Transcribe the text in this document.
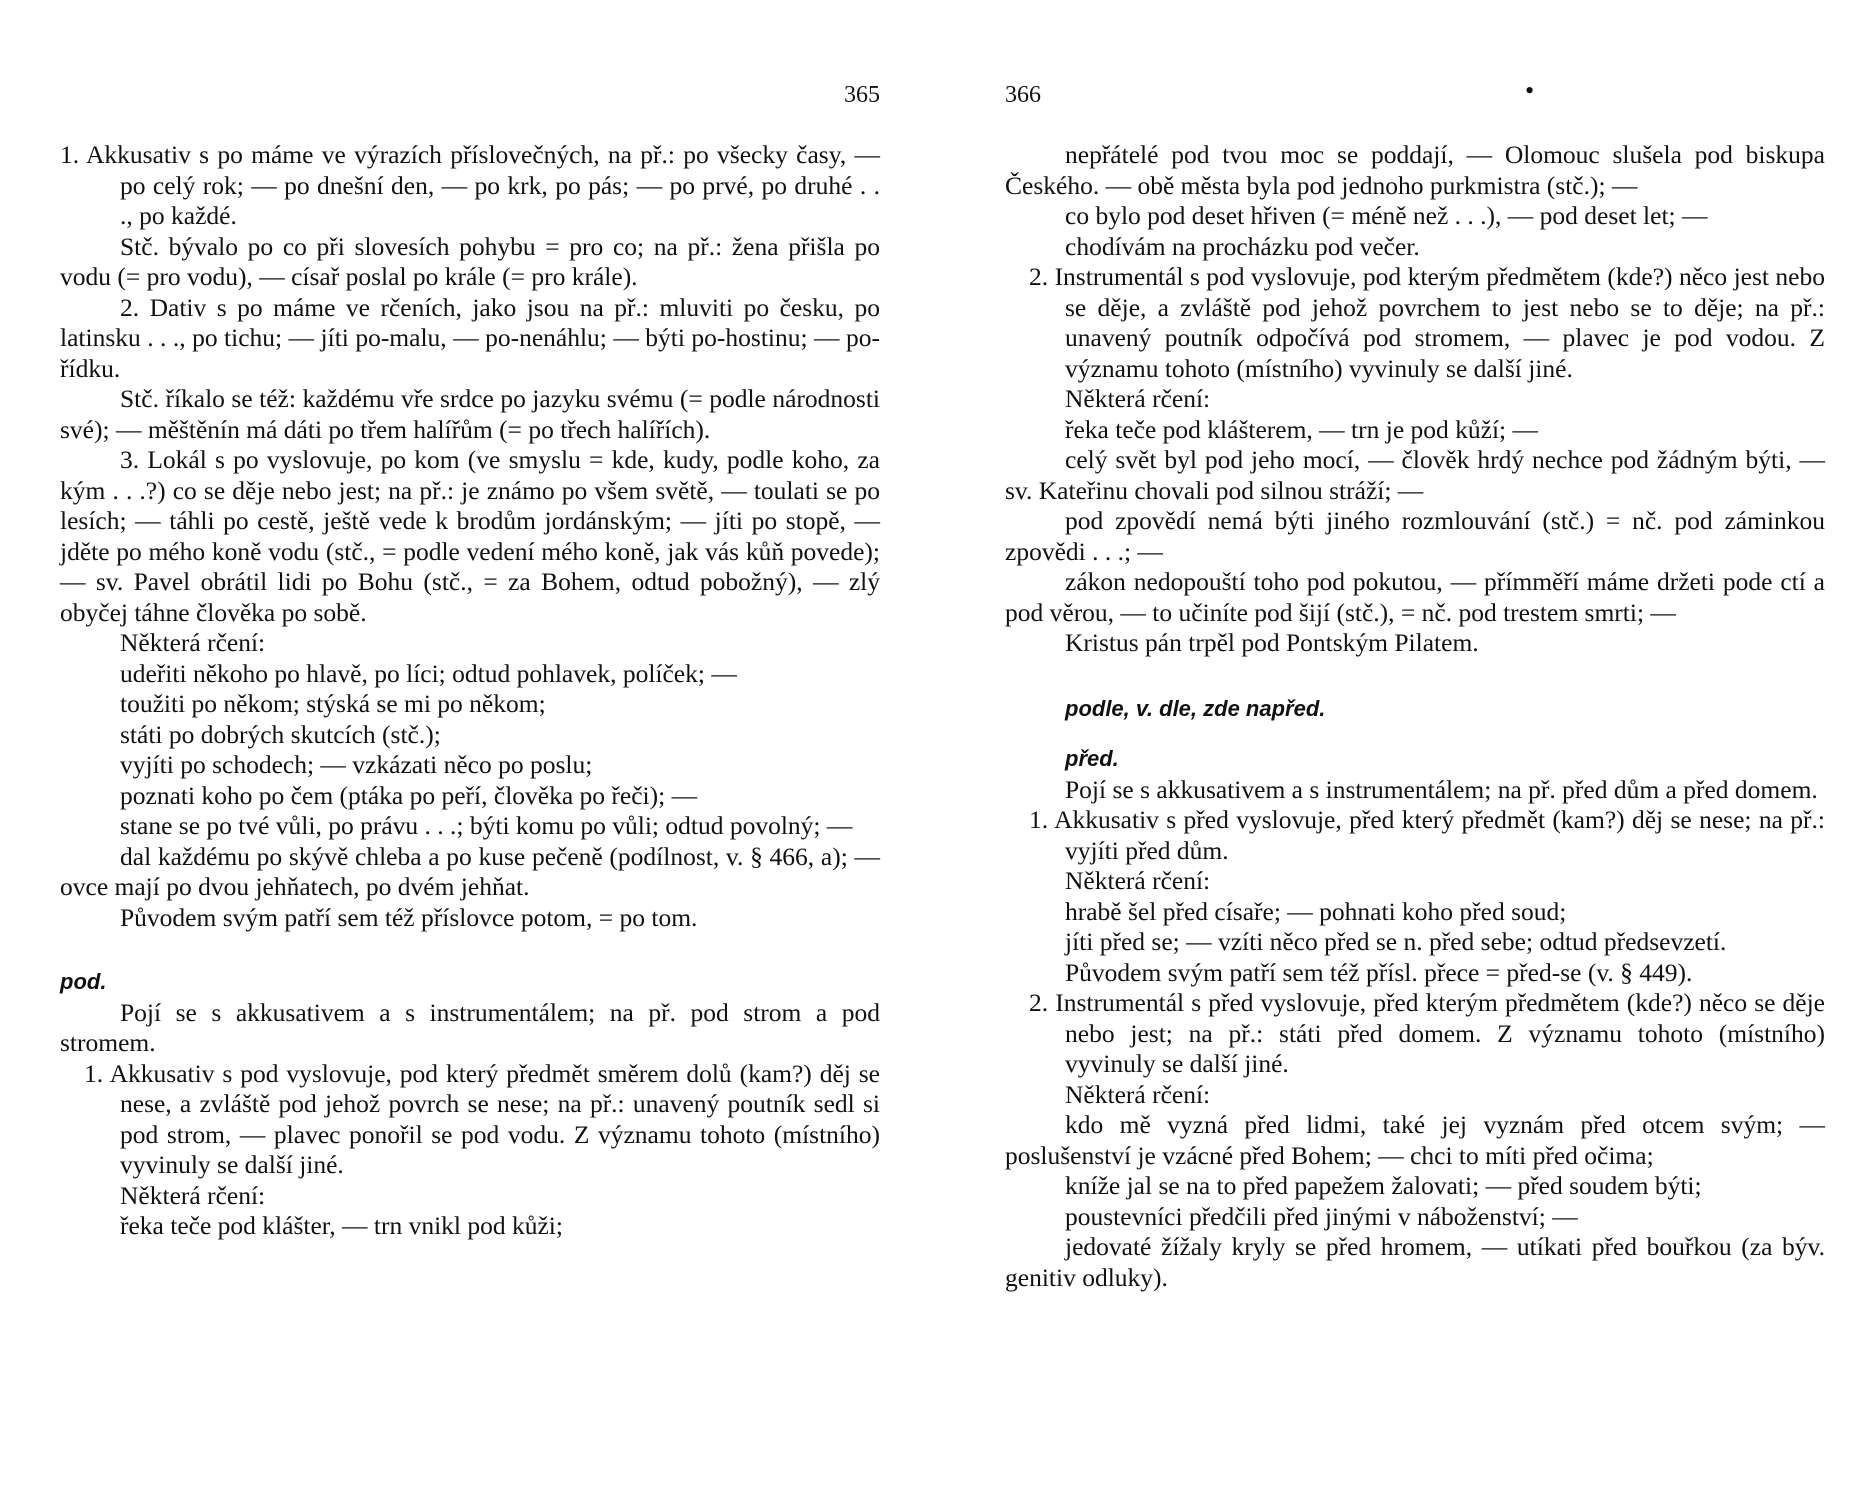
365

1. Akkusativ s po máme ve výrazích příslovečných, na př.: po všecky časy, — po celý rok; — po dnešní den, — po krk, po pás; — po prvé, po druhé . . ., po každé.

Stč. bývalo po co při slovesích pohybu = pro co; na př.: žena přišla po vodu (= pro vodu), — císař poslal po krále (= pro krále).

2. Dativ s po máme ve rčeních, jako jsou na př.: mluviti po česku, po latinsku . . ., po tichu; — jíti po-malu, — po-nenáhlu; — býti po-hostinu; — po-řídku.

Stč. říkalo se též: každému vře srdce po jazyku svému (= podle národnosti své); — měštěnín má dáti po třem halířům (= po třech halířích).

3. Lokál s po vyslovuje, po kom (ve smyslu = kde, kudy, podle koho, za kým . . .?) co se děje nebo jest; na př.: je známo po všem světě, — toulati se po lesích; — táhli po cestě, ještě vede k brodům jordánským; — jíti po stopě, — jděte po mého koně vodu (stč., = podle vedení mého koně, jak vás kůň povede); — sv. Pavel obrátil lidi po Bohu (stč., = za Bohem, odtud pobožný), — zlý obyčej táhne člověka po sobě.

Některá rčení:

udeřiti někoho po hlavě, po líci; odtud pohlavek, políček; —

toužiti po někom; stýská se mi po někom;

státi po dobrých skutcích (stč.);

vyjíti po schodech; — vzkázati něco po poslu;

poznati koho po čem (ptáka po peří, člověka po řeči); —

stane se po tvé vůli, po právu . . .; býti komu po vůli; odtud povolný; —

dal každému po skývě chleba a po kuse pečeně (podílnost, v. § 466, a); — ovce mají po dvou jehňatech, po dvém jehňat.

Původem svým patří sem též příslovce potom, = po tom.

pod.

Pojí se s akkusativem a s instrumentálem; na př. pod strom a pod stromem.

1. Akkusativ s pod vyslovuje, pod který předmět směrem dolů (kam?) děj se nese, a zvláště pod jehož povrch se nese; na př.: unavený poutník sedl si pod strom, — plavec ponořil se pod vodu. Z významu tohoto (místního) vyvinuly se další jiné.

Některá rčení:

řeka teče pod klášter, — trn vnikl pod kůži;

366	•

nepřátelé pod tvou moc se poddají, — Olomouc slušela pod biskupa Českého. — obě města byla pod jednoho purkmistra (stč.); —

co bylo pod deset hřiven (= méně než . . .), — pod deset let; —

chodívám na procházku pod večer.

2. Instrumentál s pod vyslovuje, pod kterým předmětem (kde?) něco jest nebo se děje, a zvláště pod jehož povrchem to jest nebo se to děje; na př.: unavený poutník odpočívá pod stromem, — plavec je pod vodou. Z významu tohoto (místního) vyvinuly se další jiné.

Některá rčení:

řeka teče pod klášterem, — trn je pod kůží; —

celý svět byl pod jeho mocí, — člověk hrdý nechce pod žádným býti, — sv. Kateřinu chovali pod silnou stráží; —

pod zpovědí nemá býti jiného rozmlouvání (stč.) = nč. pod záminkou zpovědi . . .; —

zákon nedopouští toho pod pokutou, — přímměří máme držeti pode ctí a pod věrou, — to učiníte pod šijí (stč.), = nč. pod trestem smrti; —

Kristus pán trpěl pod Pontským Pilatem.

podle, v. dle, zde napřed.

před.

Pojí se s akkusativem a s instrumentálem; na př. před dům a před domem.

1. Akkusativ s před vyslovuje, před který předmět (kam?) děj se nese; na př.: vyjíti před dům.

Některá rčení:

hrabě šel před císaře; — pohnati koho před soud;

jíti před se; — vzíti něco před se n. před sebe; odtud předsevzetí.

Původem svým patří sem též přísl. přece = před-se (v. § 449).

2. Instrumentál s před vyslovuje, před kterým předmětem (kde?) něco se děje nebo jest; na př.: státi před domem. Z významu tohoto (místního) vyvinuly se další jiné.

Některá rčení:

kdo mě vyzná před lidmi, také jej vyznám před otcem svým; — poslušenství je vzácné před Bohem; — chci to míti před očima;

kníže jal se na to před papežem žalovati; — před soudem býti;

poustevníci předčili před jinými v náboženství; —

jedovaté žížaly kryly se před hromem, — utíkati před bouřkou (za býv. genitiv odluky).
